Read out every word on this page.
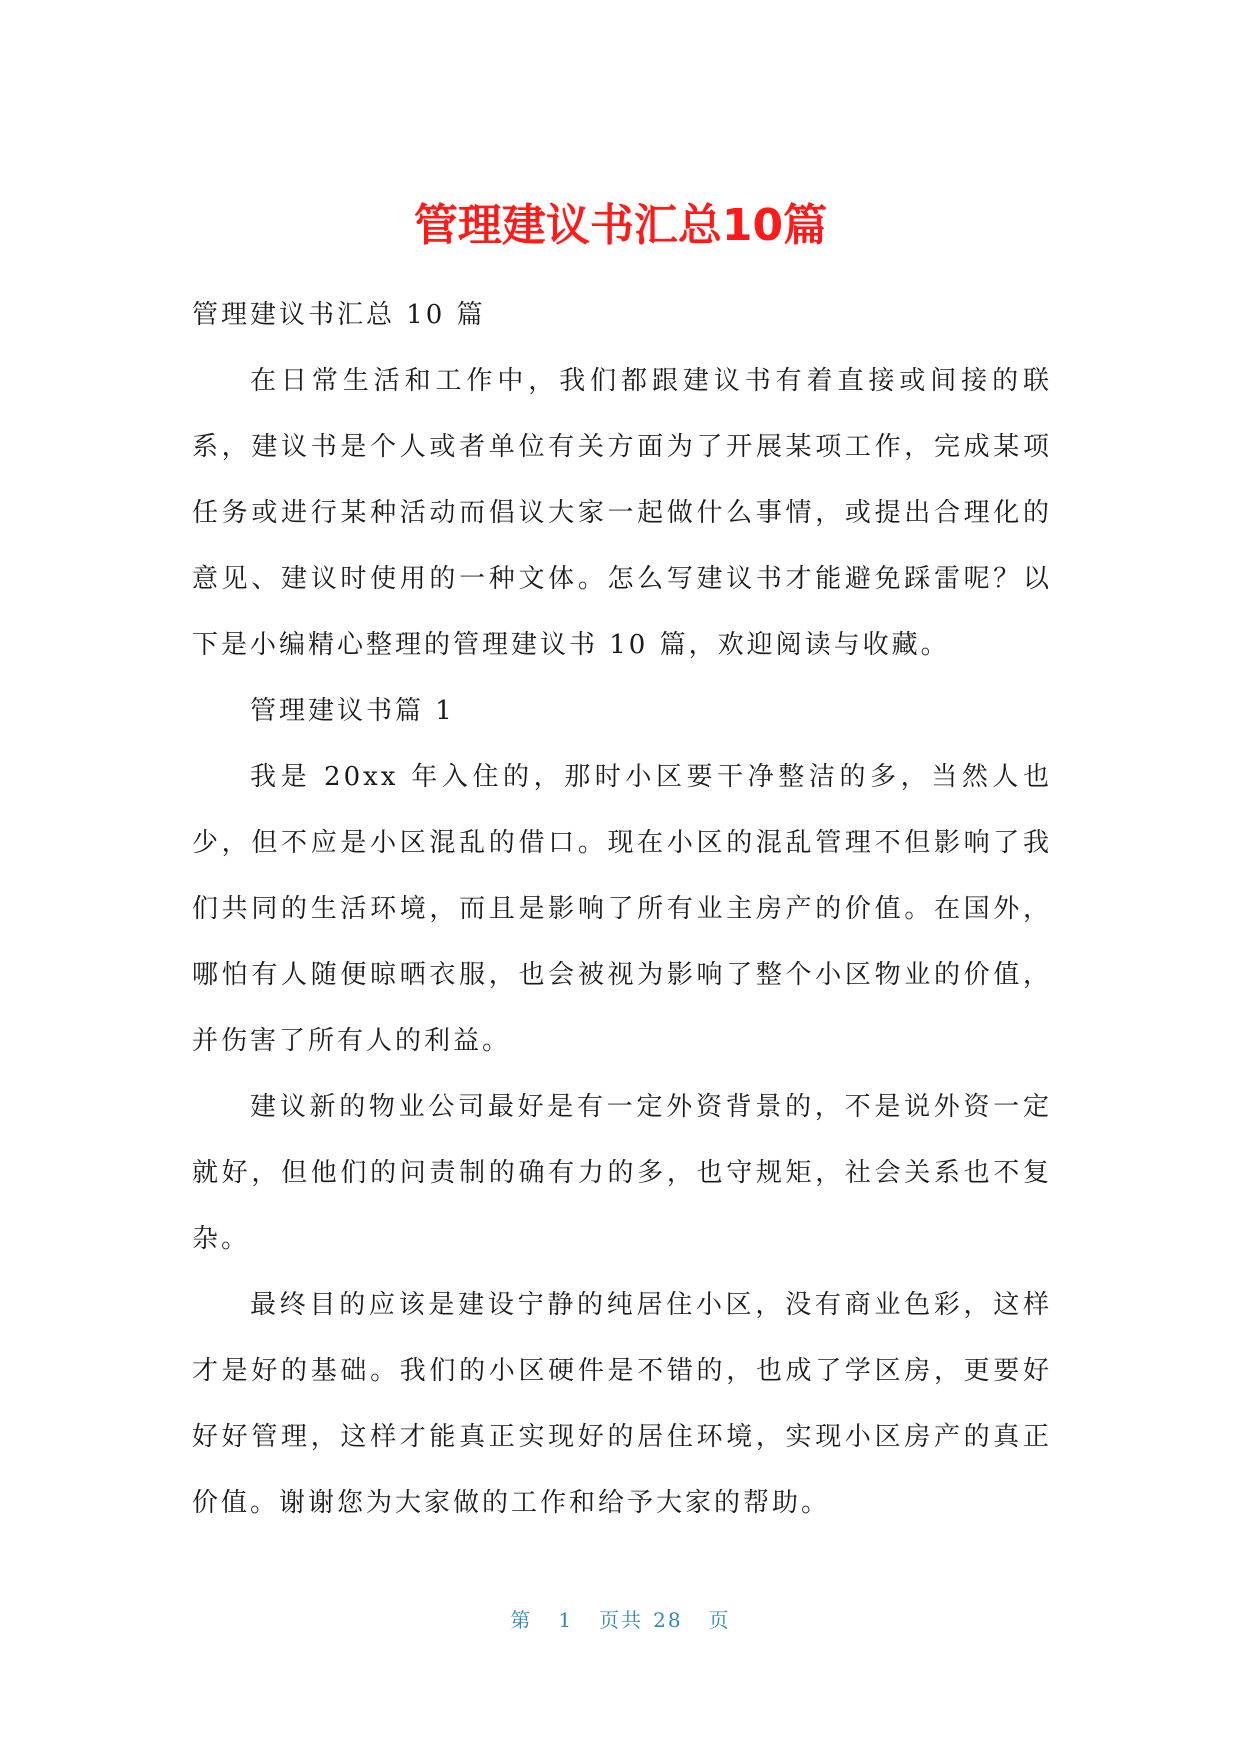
管理建议书汇总10篇

管理建议书汇总 10 篇

在日常生活和工作中，我们都跟建议书有着直接或间接的联系，建议书是个人或者单位有关方面为了开展某项工作，完成某项任务或进行某种活动而倡议大家一起做什么事情，或提出合理化的意见、建议时使用的一种文体。怎么写建议书才能避免踩雷呢？以下是小编精心整理的管理建议书 10 篇，欢迎阅读与收藏。

管理建议书篇 1

我是 20xx 年入住的，那时小区要干净整洁的多，当然人也少，但不应是小区混乱的借口。现在小区的混乱管理不但影响了我们共同的生活环境，而且是影响了所有业主房产的价值。在国外，哪怕有人随便晾晒衣服，也会被视为影响了整个小区物业的价值，并伤害了所有人的利益。

建议新的物业公司最好是有一定外资背景的，不是说外资一定就好，但他们的问责制的确有力的多，也守规矩，社会关系也不复杂。

最终目的应该是建设宁静的纯居住小区，没有商业色彩，这样才是好的基础。我们的小区硬件是不错的，也成了学区房，更要好好好管理，这样才能真正实现好的居住环境，实现小区房产的真正价值。谢谢您为大家做的工作和给予大家的帮助。

第 1 页共 28 页
